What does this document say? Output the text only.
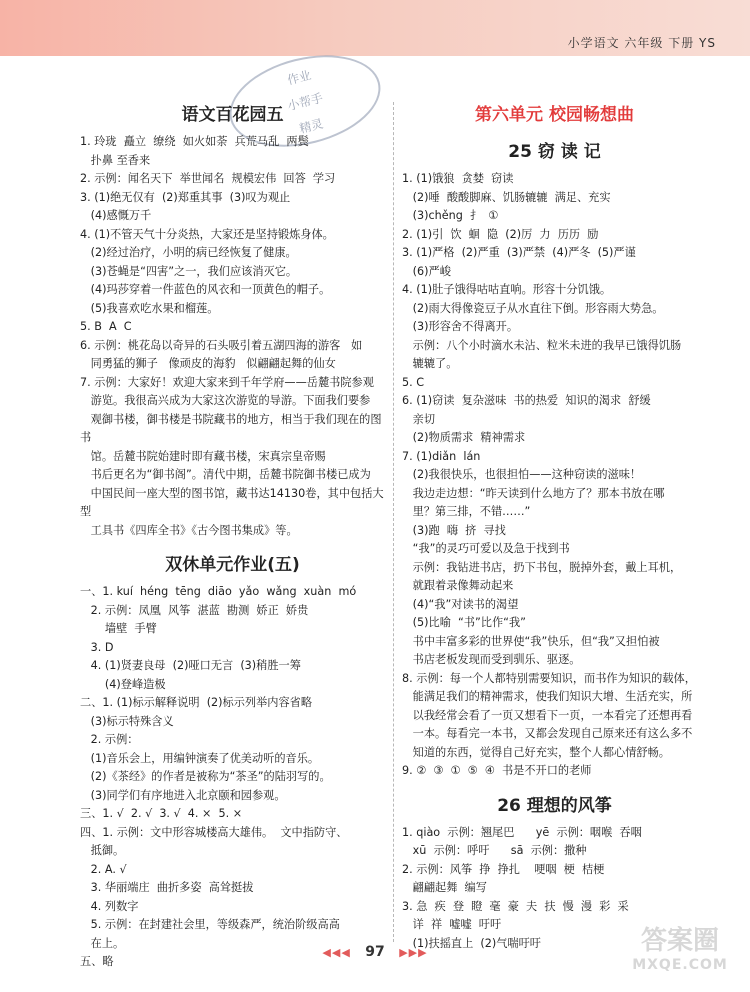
小学语文 六年级 下册 YS
作业
小帮手
精灵
语文百花园五
1. 玲珑  矗立  缭绕  如火如荼  兵荒马乱  两鬓
扑鼻 至香来
2. 示例：闻名天下  举世闻名  规模宏伟  回答  学习
3. (1)绝无仅有  (2)郑重其事  (3)叹为观止
(4)感慨万千
4. (1)不管天气十分炎热，大家还是坚持锻炼身体。
(2)经过治疗，小明的病已经恢复了健康。
(3)苍蝇是“四害”之一，我们应该消灭它。
(4)玛莎穿着一件蓝色的风衣和一顶黄色的帽子。
(5)我喜欢吃水果和榴莲。
5. B  A  C
6. 示例：桃花岛以奇异的石头吸引着五湖四海的游客   如
同勇猛的狮子   像顽皮的海豹   似翩翩起舞的仙女
7. 示例：大家好！欢迎大家来到千年学府——岳麓书院参观
游览。我很高兴成为大家这次游览的导游。下面我们要参
观御书楼，御书楼是书院藏书的地方，相当于我们现在的图书
馆。岳麓书院始建时即有藏书楼，宋真宗皇帝赐
书后更名为“御书阁”。清代中期，岳麓书院御书楼已成为
中国民间一座大型的图书馆，藏书达14130卷，其中包括大型
工具书《四库全书》《古今图书集成》等。
双休单元作业(五)
一、1. kuí  héng  tēng  diāo  yǎo  wǎng  xuàn  mó
2. 示例：凤凰  风筝  湛蓝  勘测  娇正  娇贵
墙壁  手臂
3. D
4. (1)贤妻良母  (2)哑口无言  (3)稍胜一筹
(4)登峰造极
二、1. (1)标示解释说明  (2)标示列举内容省略
(3)标示特殊含义
2. 示例：
(1)音乐会上，用编钟演奏了优美动听的音乐。
(2)《茶经》的作者是被称为“茶圣”的陆羽写的。
(3)同学们有序地进入北京颐和园参观。
三、1. √  2. √  3. √  4. ×  5. ×
四、1. 示例：文中形容城楼高大雄伟。  文中指防守、
抵御。
2. A. √
3. 华丽端庄  曲折多姿  高耸挺拔
4. 列数字
5. 示例：在封建社会里，等级森严，统治阶级高高
在上。
五、略
第六单元 校园畅想曲
25 窃 读 记
1. (1)饿狼  贪婪  窃读
(2)唾  酸酸脚麻、饥肠辘辘  满足、充实
(3)chěng  扌  ①
2. (1)引  饮  蛔  隐  (2)厉  力  历历  励
3. (1)严格  (2)严重  (3)严禁  (4)严冬  (5)严谨
(6)严峻
4. (1)肚子饿得咕咕直响。形容十分饥饿。
(2)雨大得像瓷豆子从水直往下倒。形容雨大势急。
(3)形容舍不得离开。
示例：八个小时滴水未沾、粒米未进的我早已饿得饥肠
辘辘了。
5. C
6. (1)窃读  复杂滋味  书的热爱  知识的渴求  舒缓
亲切
(2)物质需求  精神需求
7. (1)diǎn  lán
(2)我很快乐，也很担怕——这种窃读的滋味！
我边走边想：“昨天读到什么地方了？那本书放在哪
里？第三排，不错……”
(3)跑  嗨  挤  寻找
“我”的灵巧可爱以及急于找到书
示例：我钻进书店，扔下书包，脱掉外套，戴上耳机，
就跟着录像舞动起来
(4)“我”对读书的渴望
(5)比喻  “书”比作“我”
书中丰富多彩的世界使“我”快乐，但“我”又担怕被
书店老板发现而受到驯乐、驱逐。
8. 示例：每一个人都特别需要知识，而书作为知识的载体，
能满足我们的精神需求，使我们知识大增、生活充实，所
以我经常会看了一页又想看下一页，一本看完了还想再看
一本。每看完一本书，又都会发现自己原来还有这么多不
知道的东西，觉得自己好充实，整个人都心情舒畅。
9. ②  ③  ①  ⑤  ④  书是不开口的老师
26 理想的风筝
1. qiào  示例：翘尾巴      yē  示例：咽喉  吞咽
xū  示例：呼吁      sā  示例：撒种
2. 示例：风筝  挣  挣扎    哽咽  梗  桔梗
翩翩起舞  编写
3. 急  疾  登  瞪  毫  豪  夫  扶  慢  漫  彩  采
详  祥  嘘嘘  吁吁
(1)扶摇直上  (2)气喘吁吁
◀◀◀ 97 ▶▶▶	答案圈
MXQE.COM
